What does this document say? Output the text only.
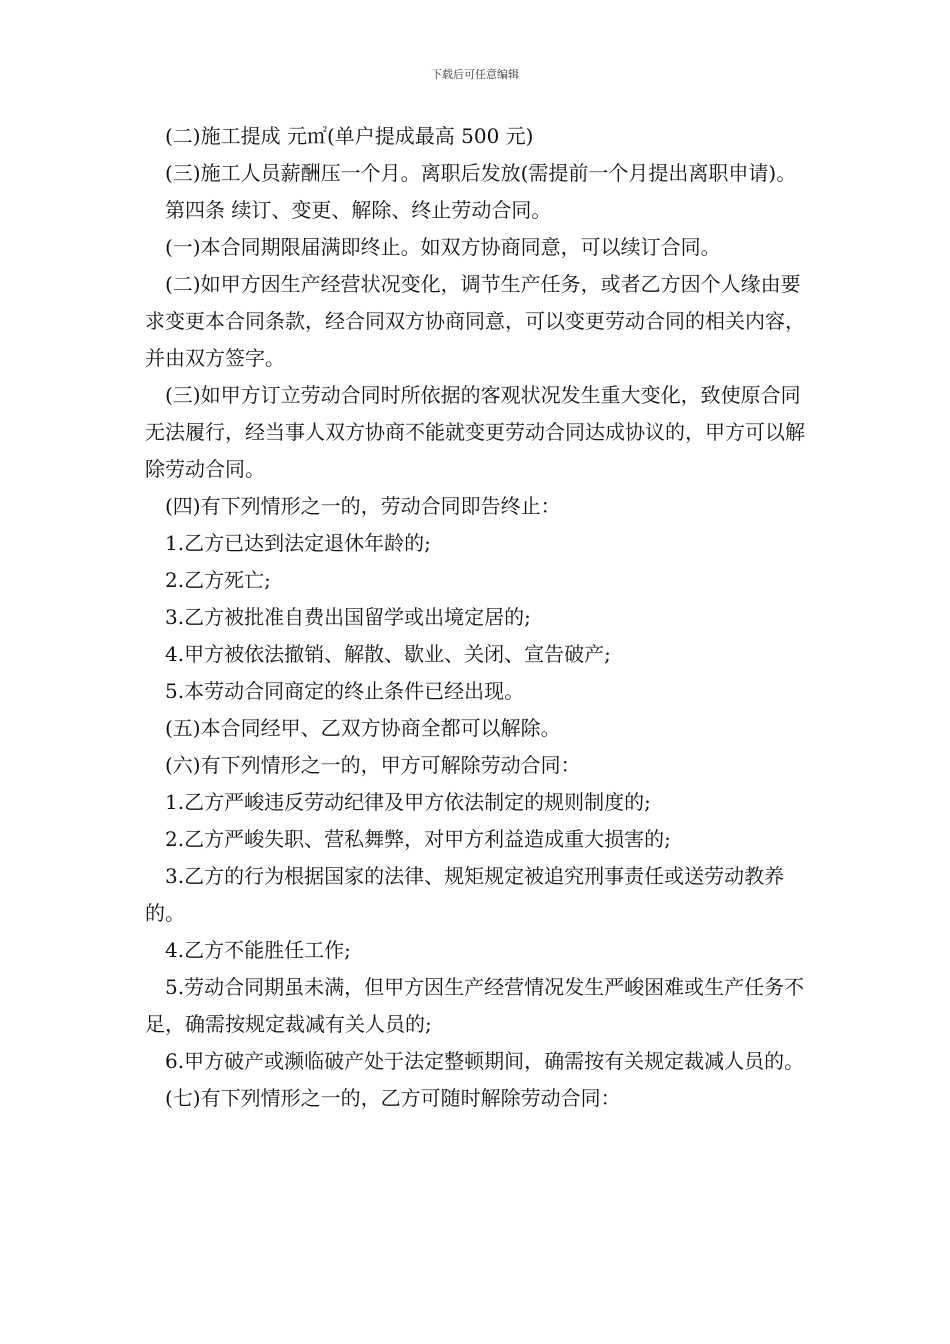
下载后可任意编辑

(二)施工提成 元㎡(单户提成最高 500 元)

(三)施工人员薪酬压一个月。离职后发放(需提前一个月提出离职申请)。

第四条 续订、变更、解除、终止劳动合同。

(一)本合同期限届满即终止。如双方协商同意，可以续订合同。

(二)如甲方因生产经营状况变化，调节生产任务，或者乙方因个人缘由要求变更本合同条款，经合同双方协商同意，可以变更劳动合同的相关内容，并由双方签字。

(三)如甲方订立劳动合同时所依据的客观状况发生重大变化，致使原合同无法履行，经当事人双方协商不能就变更劳动合同达成协议的，甲方可以解除劳动合同。

(四)有下列情形之一的，劳动合同即告终止：

1.乙方已达到法定退休年龄的;

2.乙方死亡;

3.乙方被批准自费出国留学或出境定居的;

4.甲方被依法撤销、解散、歇业、关闭、宣告破产;

5.本劳动合同商定的终止条件已经出现。

(五)本合同经甲、乙双方协商全都可以解除。

(六)有下列情形之一的，甲方可解除劳动合同：

1.乙方严峻违反劳动纪律及甲方依法制定的规则制度的;

2.乙方严峻失职、营私舞弊，对甲方利益造成重大损害的;

3.乙方的行为根据国家的法律、规矩规定被追究刑事责任或送劳动教养的。

4.乙方不能胜任工作;

5.劳动合同期虽未满，但甲方因生产经营情况发生严峻困难或生产任务不足，确需按规定裁减有关人员的;

6.甲方破产或濒临破产处于法定整顿期间，确需按有关规定裁减人员的。

(七)有下列情形之一的，乙方可随时解除劳动合同：
